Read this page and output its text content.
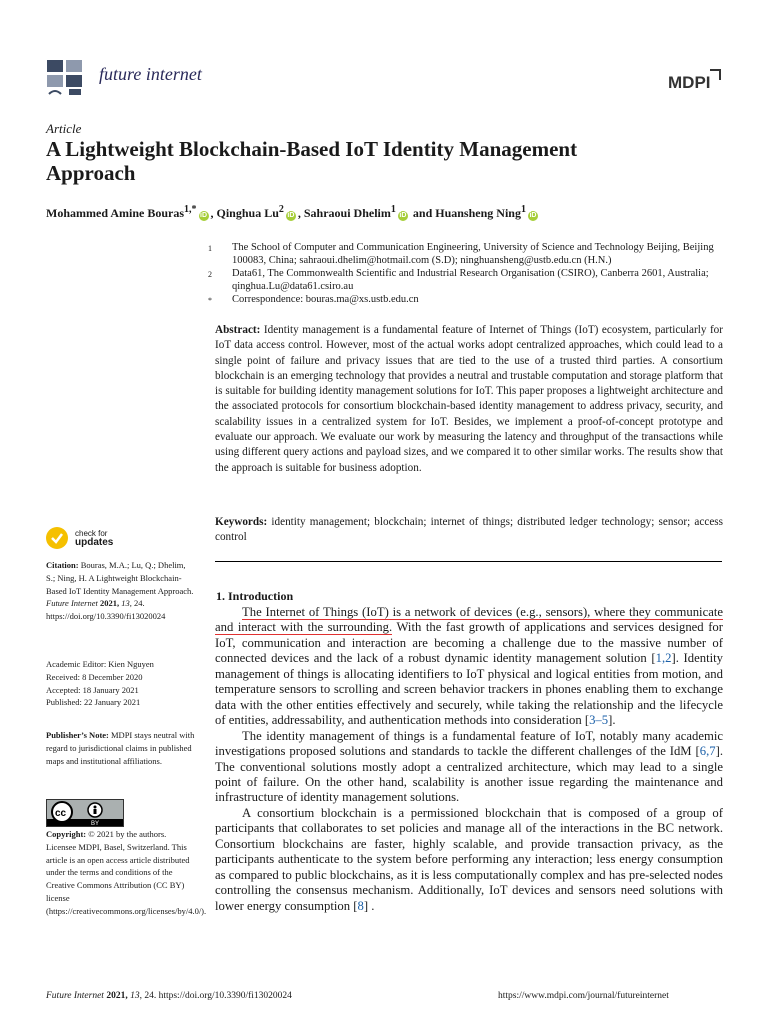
future internet	MDPI
Article
A Lightweight Blockchain-Based IoT Identity Management Approach
Mohammed Amine Bouras$^{1,*}$iD , Qinghua Lu$^2$iD , Sahraoui Dhelim$^1$iD and Huansheng Ning$^1$iD
1	The School of Computer and Communication Engineering, University of Science and Technology Beijing, Beijing 100083, China; sahraoui.dhelim@hotmail.com (S.D); ninghuansheng@ustb.edu.cn (H.N.)
2	Data61, The Commonwealth Scientific and Industrial Research Organisation (CSIRO), Canberra 2601, Australia; qinghua.Lu@data61.csiro.au
*	Correspondence: bouras.ma@xs.ustb.edu.cn
Abstract: Identity management is a fundamental feature of Internet of Things (IoT) ecosystem, particularly for IoT data access control. However, most of the actual works adopt centralized approaches, which could lead to a single point of failure and privacy issues that are tied to the use of a trusted third parties. A consortium blockchain is an emerging technology that provides a neutral and trustable computation and storage platform that is suitable for building identity management solutions for IoT. This paper proposes a lightweight architecture and the associated protocols for consortium blockchain-based identity management to address privacy, security, and scalability issues in a centralized system for IoT. Besides, we implement a proof-of-concept prototype and evaluate our approach. We evaluate our work by measuring the latency and throughput of the transactions while using different query actions and payload sizes, and we compared it to other similar works. The results show that the approach is suitable for business adoption.
Keywords: identity management; blockchain; internet of things; distributed ledger technology; sensor; access control
1. Introduction

The Internet of Things (IoT) is a network of devices (e.g., sensors), where they communicate and interact with the surrounding. With the fast growth of applications and services designed for IoT, communication and interaction are becoming a challenge due to the massive number of connected devices and the lack of a robust dynamic identity management solution [1,2]. Identity management of things is allocating identifiers to IoT physical and logical entities from motion, and temperature sensors to scrolling and screen behavior trackers in phones enabling them to exchange data with the other entities effectively and securely, while taking the relationship and the lifecycle of entities, addressability, and authentication methods into consideration [3–5].

The identity management of things is a fundamental feature of IoT, notably many academic investigations proposed solutions and standards to tackle the different challenges of the IdM [6,7]. The conventional solutions mostly adopt a centralized architecture, which may lead to a single point of failure. On the other hand, scalability is another issue regarding the maintenance and infrastructure of identity management solutions.

A consortium blockchain is a permissioned blockchain that is composed of a group of participants that collaborates to set policies and manage all of the interactions in the BC network. Consortium blockchains are faster, highly scalable, and provide transaction privacy, as the participants authenticate to the system before performing any interaction; less energy consumption as compared to public blockchains, as it is less computationally complex and has pre-selected nodes controlling the consensus mechanism. Additionally, IoT devices and sensors need solutions with lower energy consumption [8] .

check for
updates
Citation: Bouras, M.A.; Lu, Q.; Dhelim, S.; Ning, H. A Lightweight Blockchain-Based IoT Identity Management Approach. Future Internet 2021, 13, 24. https://doi.org/10.3390/fi13020024
Academic Editor: Kien Nguyen
Received: 8 December 2020
Accepted: 18 January 2021
Published: 22 January 2021
Publisher’s Note: MDPI stays neutral with regard to jurisdictional claims in published maps and institutional affiliations.
cc
BY
Copyright: © 2021 by the authors. Licensee MDPI, Basel, Switzerland. This article is an open access article distributed under the terms and conditions of the Creative Commons Attribution (CC BY) license (https://creativecommons.org/licenses/by/4.0/).
Future Internet 2021, 13, 24. https://doi.org/10.3390/fi13020024	https://www.mdpi.com/journal/futureinternet
